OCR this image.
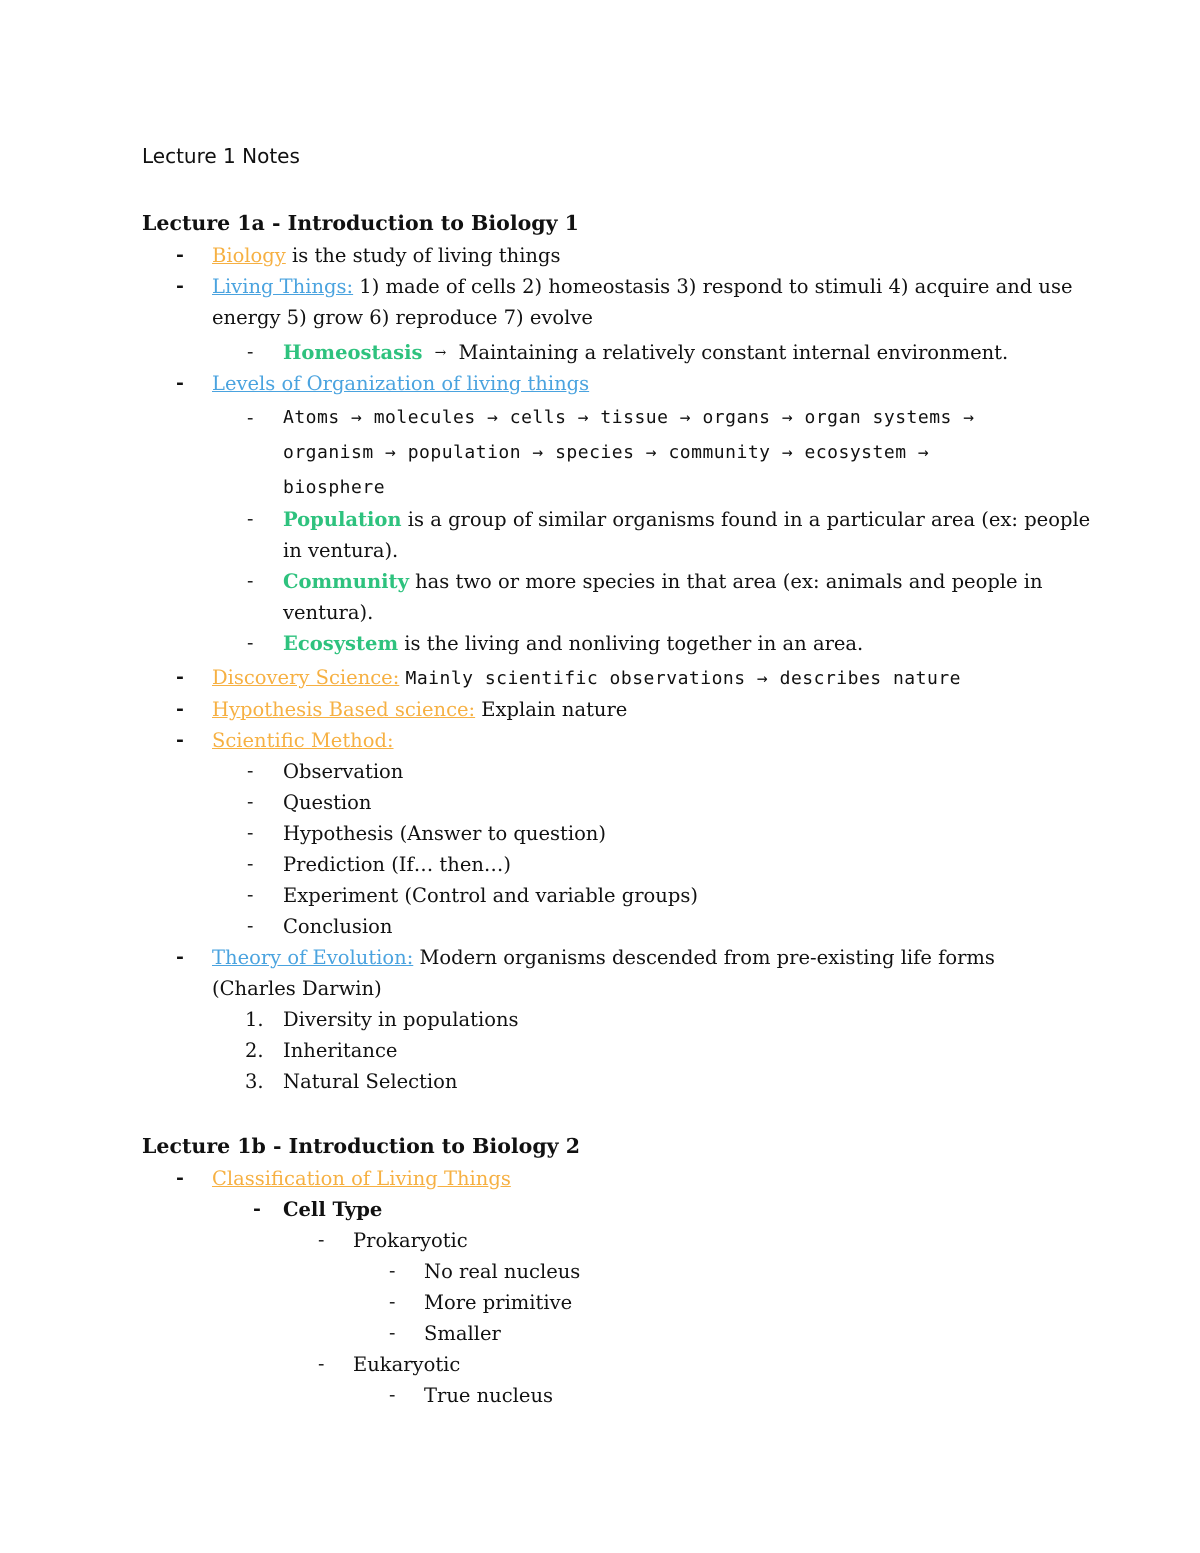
Lecture 1 Notes
Lecture 1a - Introduction to Biology 1
- Biology is the study of living things
- Living Things: 1) made of cells 2) homeostasis 3) respond to stimuli 4) acquire and use
energy 5) grow 6) reproduce 7) evolve
- Homeostasis → Maintaining a relatively constant internal environment.
- Levels of Organization of living things
- Atoms → molecules → cells → tissue → organs → organ systems →
organism → population → species → community → ecosystem →
biosphere
- Population is a group of similar organisms found in a particular area (ex: people
in ventura).
- Community has two or more species in that area (ex: animals and people in
ventura).
- Ecosystem is the living and nonliving together in an area.
- Discovery Science: Mainly scientific observations → describes nature
- Hypothesis Based science: Explain nature
- Scientific Method:
- Observation
- Question
- Hypothesis (Answer to question)
- Prediction (If… then…)
- Experiment (Control and variable groups)
- Conclusion
- Theory of Evolution: Modern organisms descended from pre-existing life forms
(Charles Darwin)
1. Diversity in populations
2. Inheritance
3. Natural Selection
Lecture 1b - Introduction to Biology 2
- Classification of Living Things
- Cell Type
- Prokaryotic
- No real nucleus
- More primitive
- Smaller
- Eukaryotic
- True nucleus
